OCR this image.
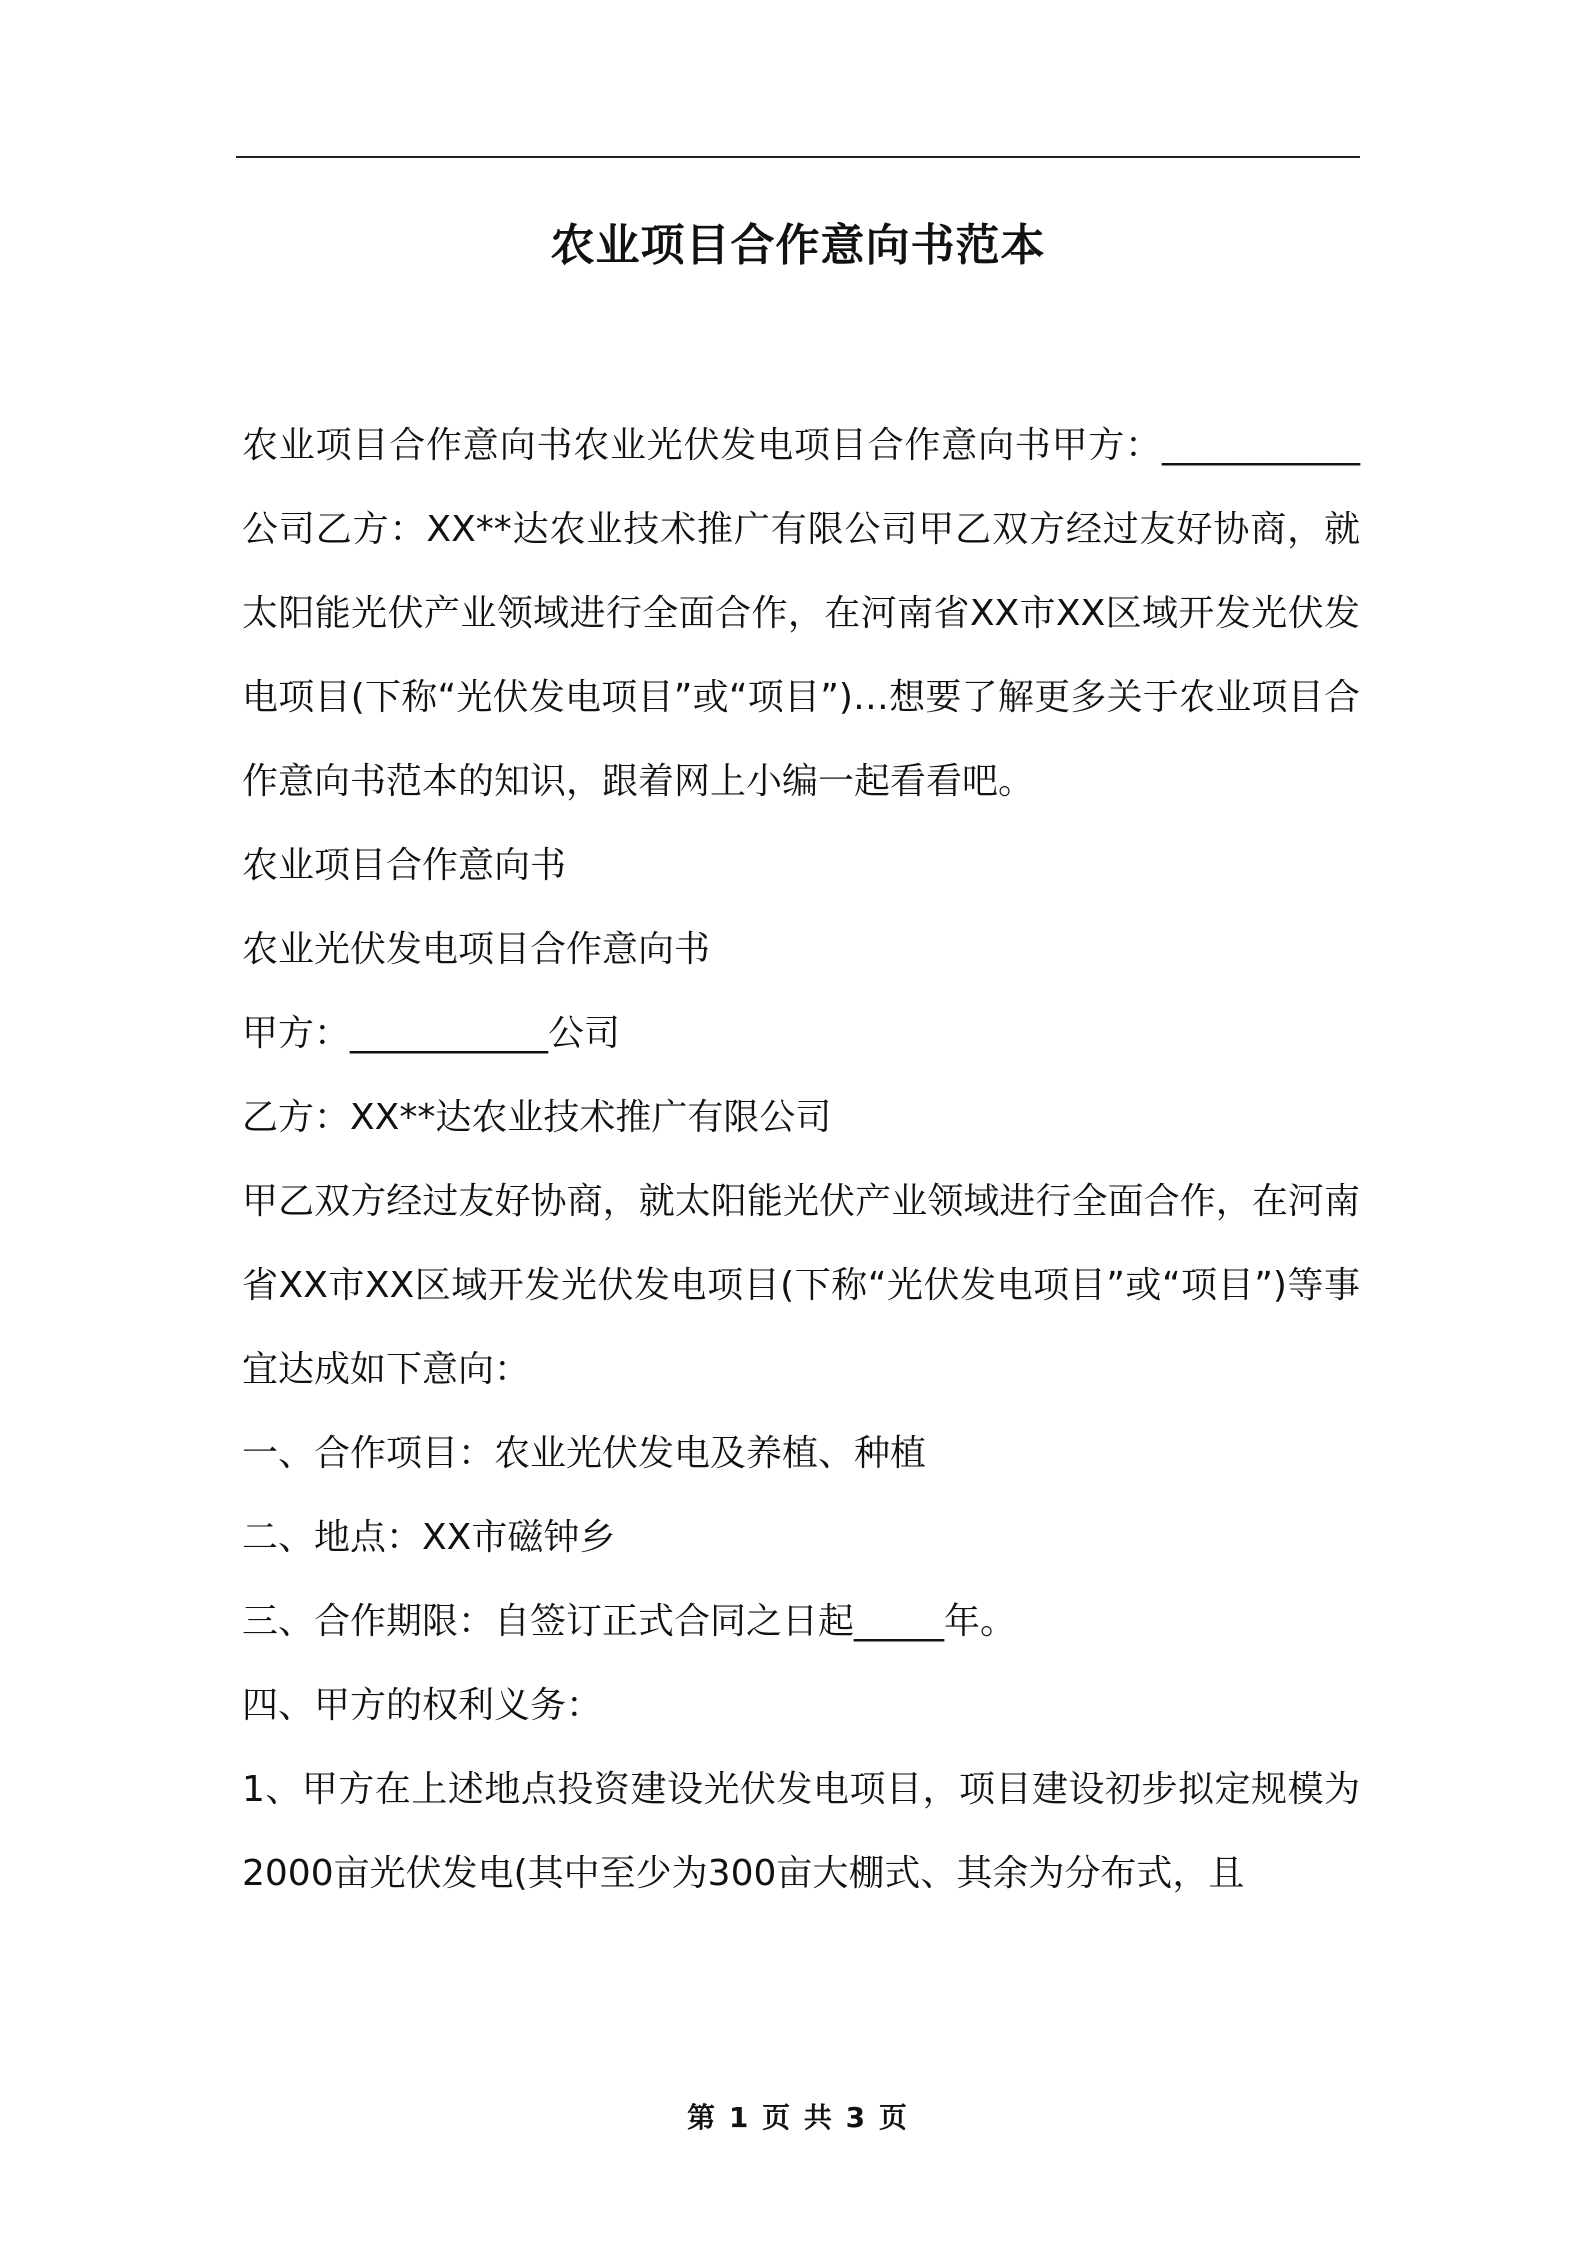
农业项目合作意向书范本

农业项目合作意向书农业光伏发电项目合作意向书甲方：___________公司乙方：XX**达农业技术推广有限公司甲乙双方经过友好协商，就太阳能光伏产业领域进行全面合作，在河南省XX市XX区域开发光伏发电项目(下称“光伏发电项目”或“项目”)…想要了解更多关于农业项目合作意向书范本的知识，跟着网上小编一起看看吧。

农业项目合作意向书

农业光伏发电项目合作意向书

甲方：___________公司

乙方：XX**达农业技术推广有限公司

甲乙双方经过友好协商，就太阳能光伏产业领域进行全面合作，在河南省XX市XX区域开发光伏发电项目(下称“光伏发电项目”或“项目”)等事宜达成如下意向：

一、合作项目：农业光伏发电及养植、种植

二、地点：XX市磁钟乡

三、合作期限：自签订正式合同之日起_____年。

四、甲方的权利义务：

1、甲方在上述地点投资建设光伏发电项目，项目建设初步拟定规模为2000亩光伏发电(其中至少为300亩大棚式、其余为分布式，且

第 1 页 共 3 页
